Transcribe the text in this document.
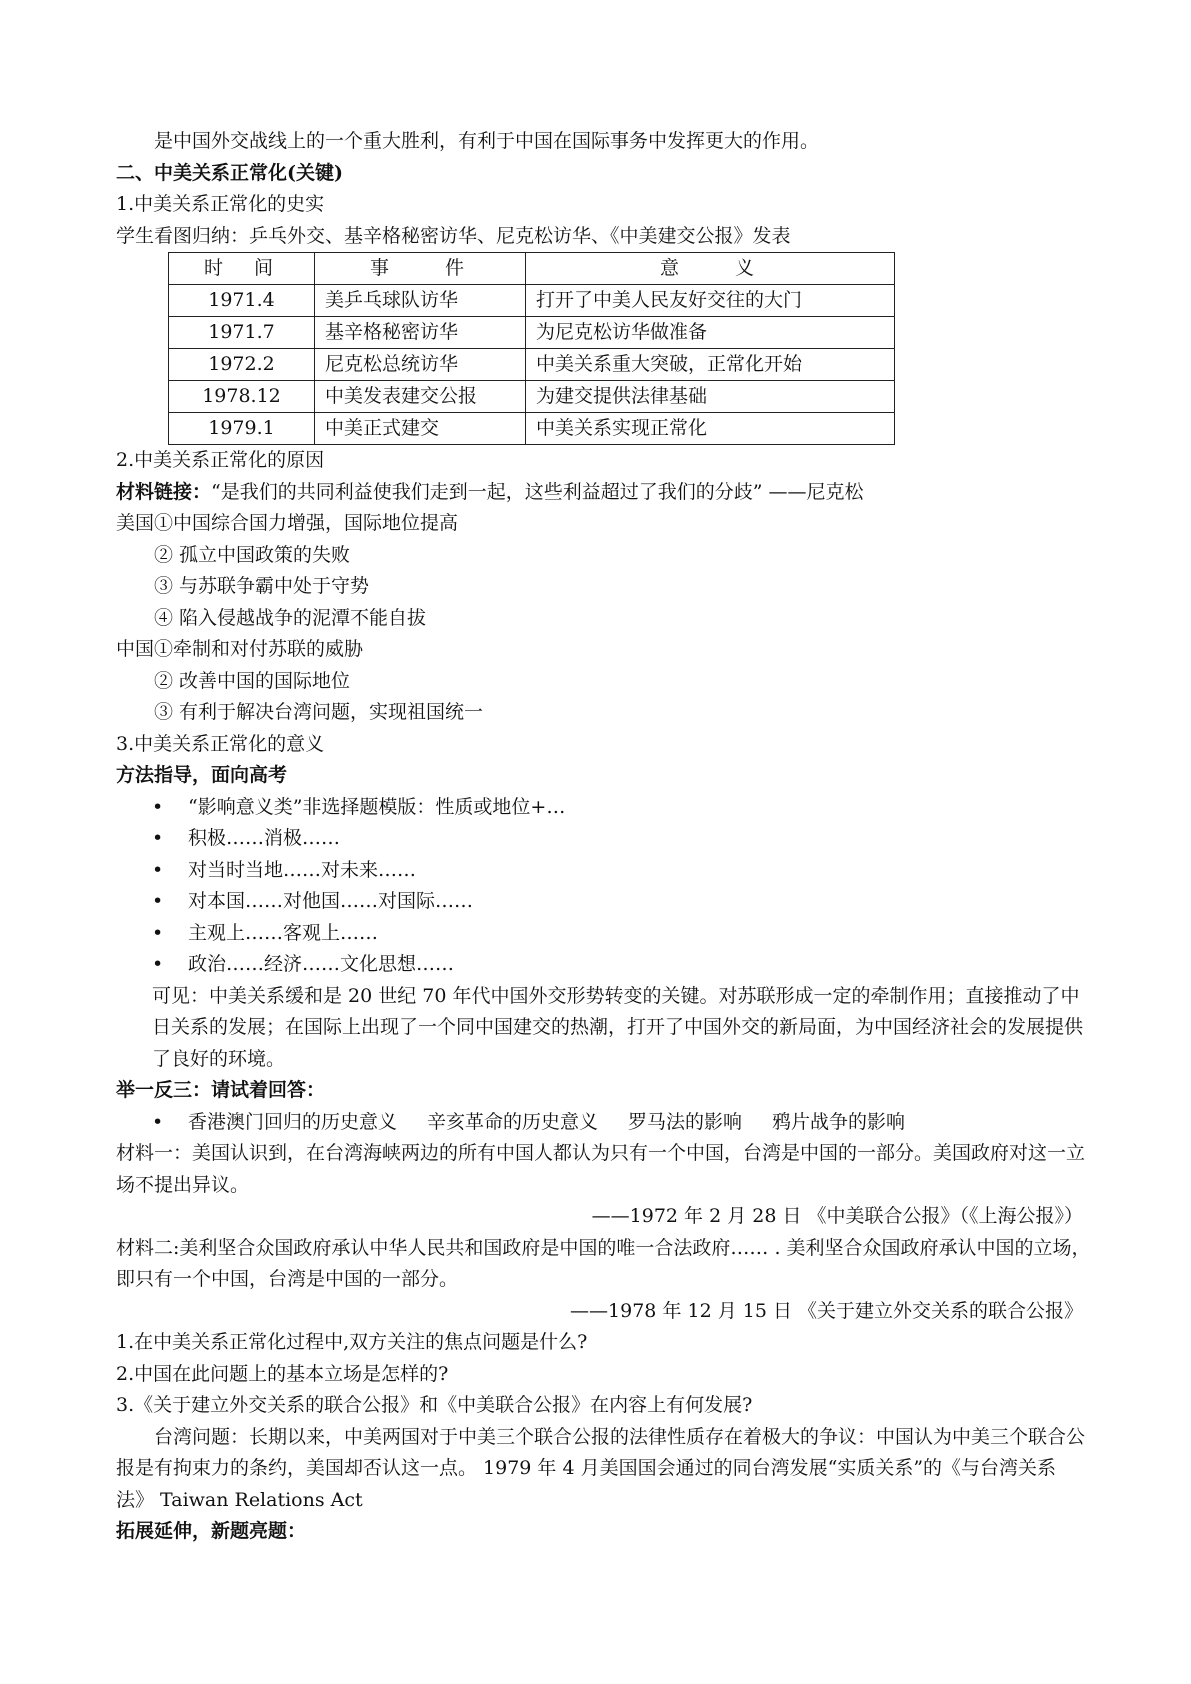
是中国外交战线上的一个重大胜利，有利于中国在国际事务中发挥更大的作用。
二、中美关系正常化(关键)
1.中美关系正常化的史实
学生看图归纳：乒乓外交、基辛格秘密访华、尼克松访华、《中美建交公报》发表
时　间	事　　件	意　　义
1971.4	美乒乓球队访华	打开了中美人民友好交往的大门
1971.7	基辛格秘密访华	为尼克松访华做准备
1972.2	尼克松总统访华	中美关系重大突破，正常化开始
1978.12	中美发表建交公报	为建交提供法律基础
1979.1	中美正式建交	中美关系实现正常化
2.中美关系正常化的原因
材料链接：“是我们的共同利益使我们走到一起，这些利益超过了我们的分歧” ——尼克松
美国①中国综合国力增强，国际地位提高
② 孤立中国政策的失败
③ 与苏联争霸中处于守势
④ 陷入侵越战争的泥潭不能自拔
中国①牵制和对付苏联的威胁
② 改善中国的国际地位
③ 有利于解决台湾问题，实现祖国统一
3.中美关系正常化的意义
方法指导，面向高考
• “影响意义类”非选择题模版：性质或地位+…
• 积极……消极……
• 对当时当地……对未来……
• 对本国……对他国……对国际……
• 主观上……客观上……
• 政治……经济……文化思想……
可见：中美关系缓和是 20 世纪 70 年代中国外交形势转变的关键。对苏联形成一定的牵制作用；直接推动了中日关系的发展；在国际上出现了一个同中国建交的热潮，打开了中国外交的新局面，为中国经济社会的发展提供了良好的环境。
举一反三：请试着回答：
• 香港澳门回归的历史意义 辛亥革命的历史意义 罗马法的影响 鸦片战争的影响
材料一：美国认识到，在台湾海峡两边的所有中国人都认为只有一个中国，台湾是中国的一部分。美国政府对这一立场不提出异议。
——1972 年 2 月 28 日 《中美联合公报》（《上海公报》）
材料二:美利坚合众国政府承认中华人民共和国政府是中国的唯一合法政府…… . 美利坚合众国政府承认中国的立场，即只有一个中国，台湾是中国的一部分。
——1978 年 12 月 15 日 《关于建立外交关系的联合公报》
1.在中美关系正常化过程中,双方关注的焦点问题是什么?
2.中国在此问题上的基本立场是怎样的?
3.《关于建立外交关系的联合公报》和《中美联合公报》在内容上有何发展?
台湾问题：长期以来，中美两国对于中美三个联合公报的法律性质存在着极大的争议：中国认为中美三个联合公报是有拘束力的条约，美国却否认这一点。 1979 年 4 月美国国会通过的同台湾发展“实质关系”的《与台湾关系法》 Taiwan Relations Act
拓展延伸，新题亮题：
